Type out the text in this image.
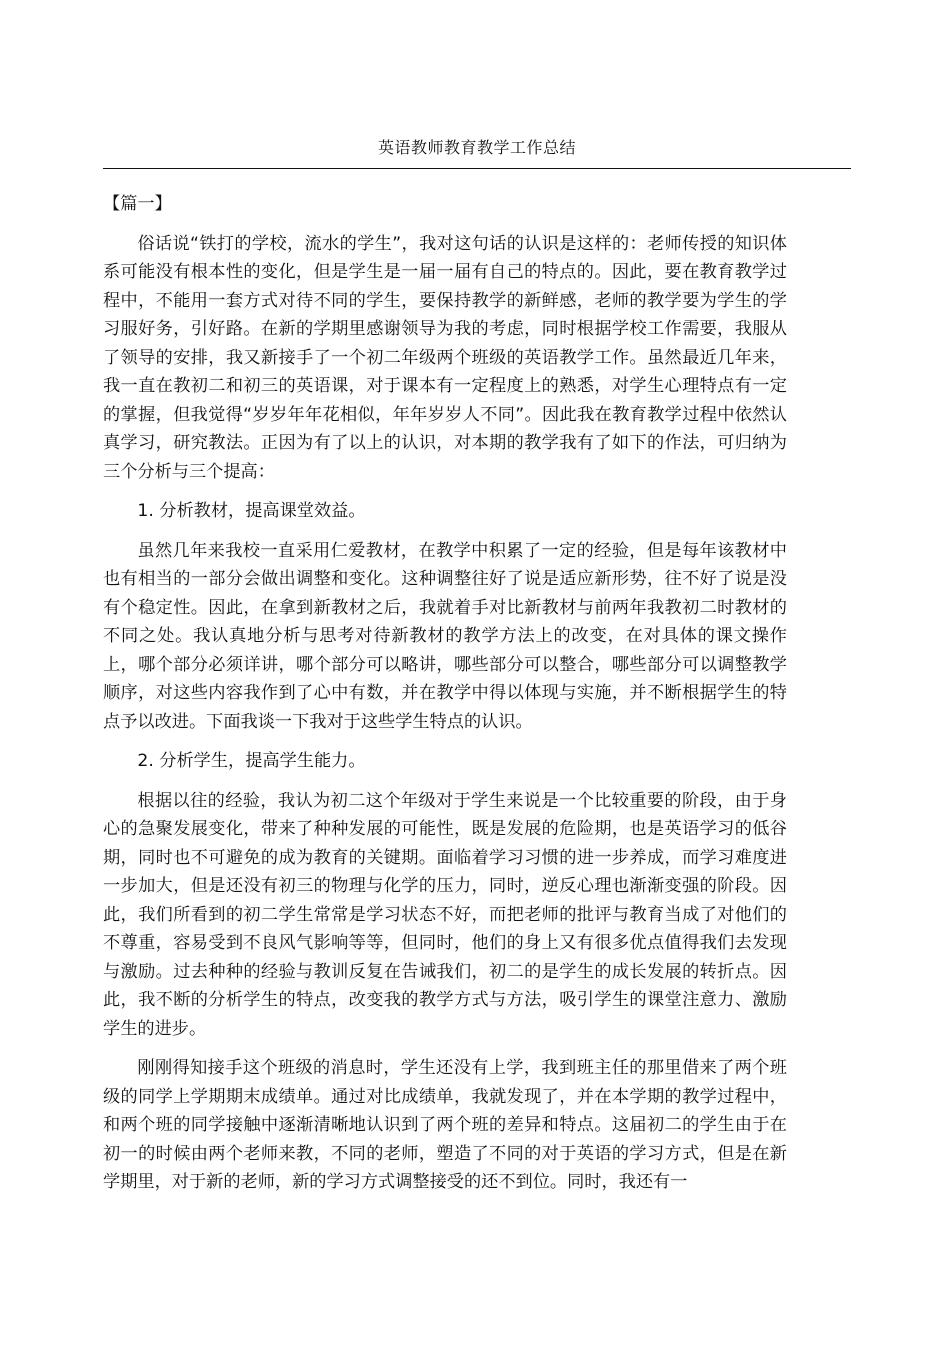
英语教师教育教学工作总结

【篇一】

俗话说“铁打的学校，流水的学生”，我对这句话的认识是这样的：老师传授的知识体系可能没有根本性的变化，但是学生是一届一届有自己的特点的。因此，要在教育教学过程中，不能用一套方式对待不同的学生，要保持教学的新鲜感，老师的教学要为学生的学习服好务，引好路。在新的学期里感谢领导为我的考虑，同时根据学校工作需要，我服从了领导的安排，我又新接手了一个初二年级两个班级的英语教学工作。虽然最近几年来，我一直在教初二和初三的英语课，对于课本有一定程度上的熟悉，对学生心理特点有一定的掌握，但我觉得“岁岁年年花相似，年年岁岁人不同”。因此我在教育教学过程中依然认真学习，研究教法。正因为有了以上的认识，对本期的教学我有了如下的作法，可归纳为三个分析与三个提高：

1. 分析教材，提高课堂效益。

虽然几年来我校一直采用仁爱教材，在教学中积累了一定的经验，但是每年该教材中也有相当的一部分会做出调整和变化。这种调整往好了说是适应新形势，往不好了说是没有个稳定性。因此，在拿到新教材之后，我就着手对比新教材与前两年我教初二时教材的不同之处。我认真地分析与思考对待新教材的教学方法上的改变，在对具体的课文操作上，哪个部分必须详讲，哪个部分可以略讲，哪些部分可以整合，哪些部分可以调整教学顺序，对这些内容我作到了心中有数，并在教学中得以体现与实施，并不断根据学生的特点予以改进。下面我谈一下我对于这些学生特点的认识。

2. 分析学生，提高学生能力。

根据以往的经验，我认为初二这个年级对于学生来说是一个比较重要的阶段，由于身心的急聚发展变化，带来了种种发展的可能性，既是发展的危险期，也是英语学习的低谷期，同时也不可避免的成为教育的关键期。面临着学习习惯的进一步养成，而学习难度进一步加大，但是还没有初三的物理与化学的压力，同时，逆反心理也渐渐变强的阶段。因此，我们所看到的初二学生常常是学习状态不好，而把老师的批评与教育当成了对他们的不尊重，容易受到不良风气影响等等，但同时，他们的身上又有很多优点值得我们去发现与激励。过去种种的经验与教训反复在告诫我们，初二的是学生的成长发展的转折点。因此，我不断的分析学生的特点，改变我的教学方式与方法，吸引学生的课堂注意力、激励学生的进步。

刚刚得知接手这个班级的消息时，学生还没有上学，我到班主任的那里借来了两个班级的同学上学期期末成绩单。通过对比成绩单，我就发现了，并在本学期的教学过程中，和两个班的同学接触中逐渐清晰地认识到了两个班的差异和特点。这届初二的学生由于在初一的时候由两个老师来教，不同的老师，塑造了不同的对于英语的学习方式，但是在新学期里，对于新的老师，新的学习方式调整接受的还不到位。同时，我还有一
